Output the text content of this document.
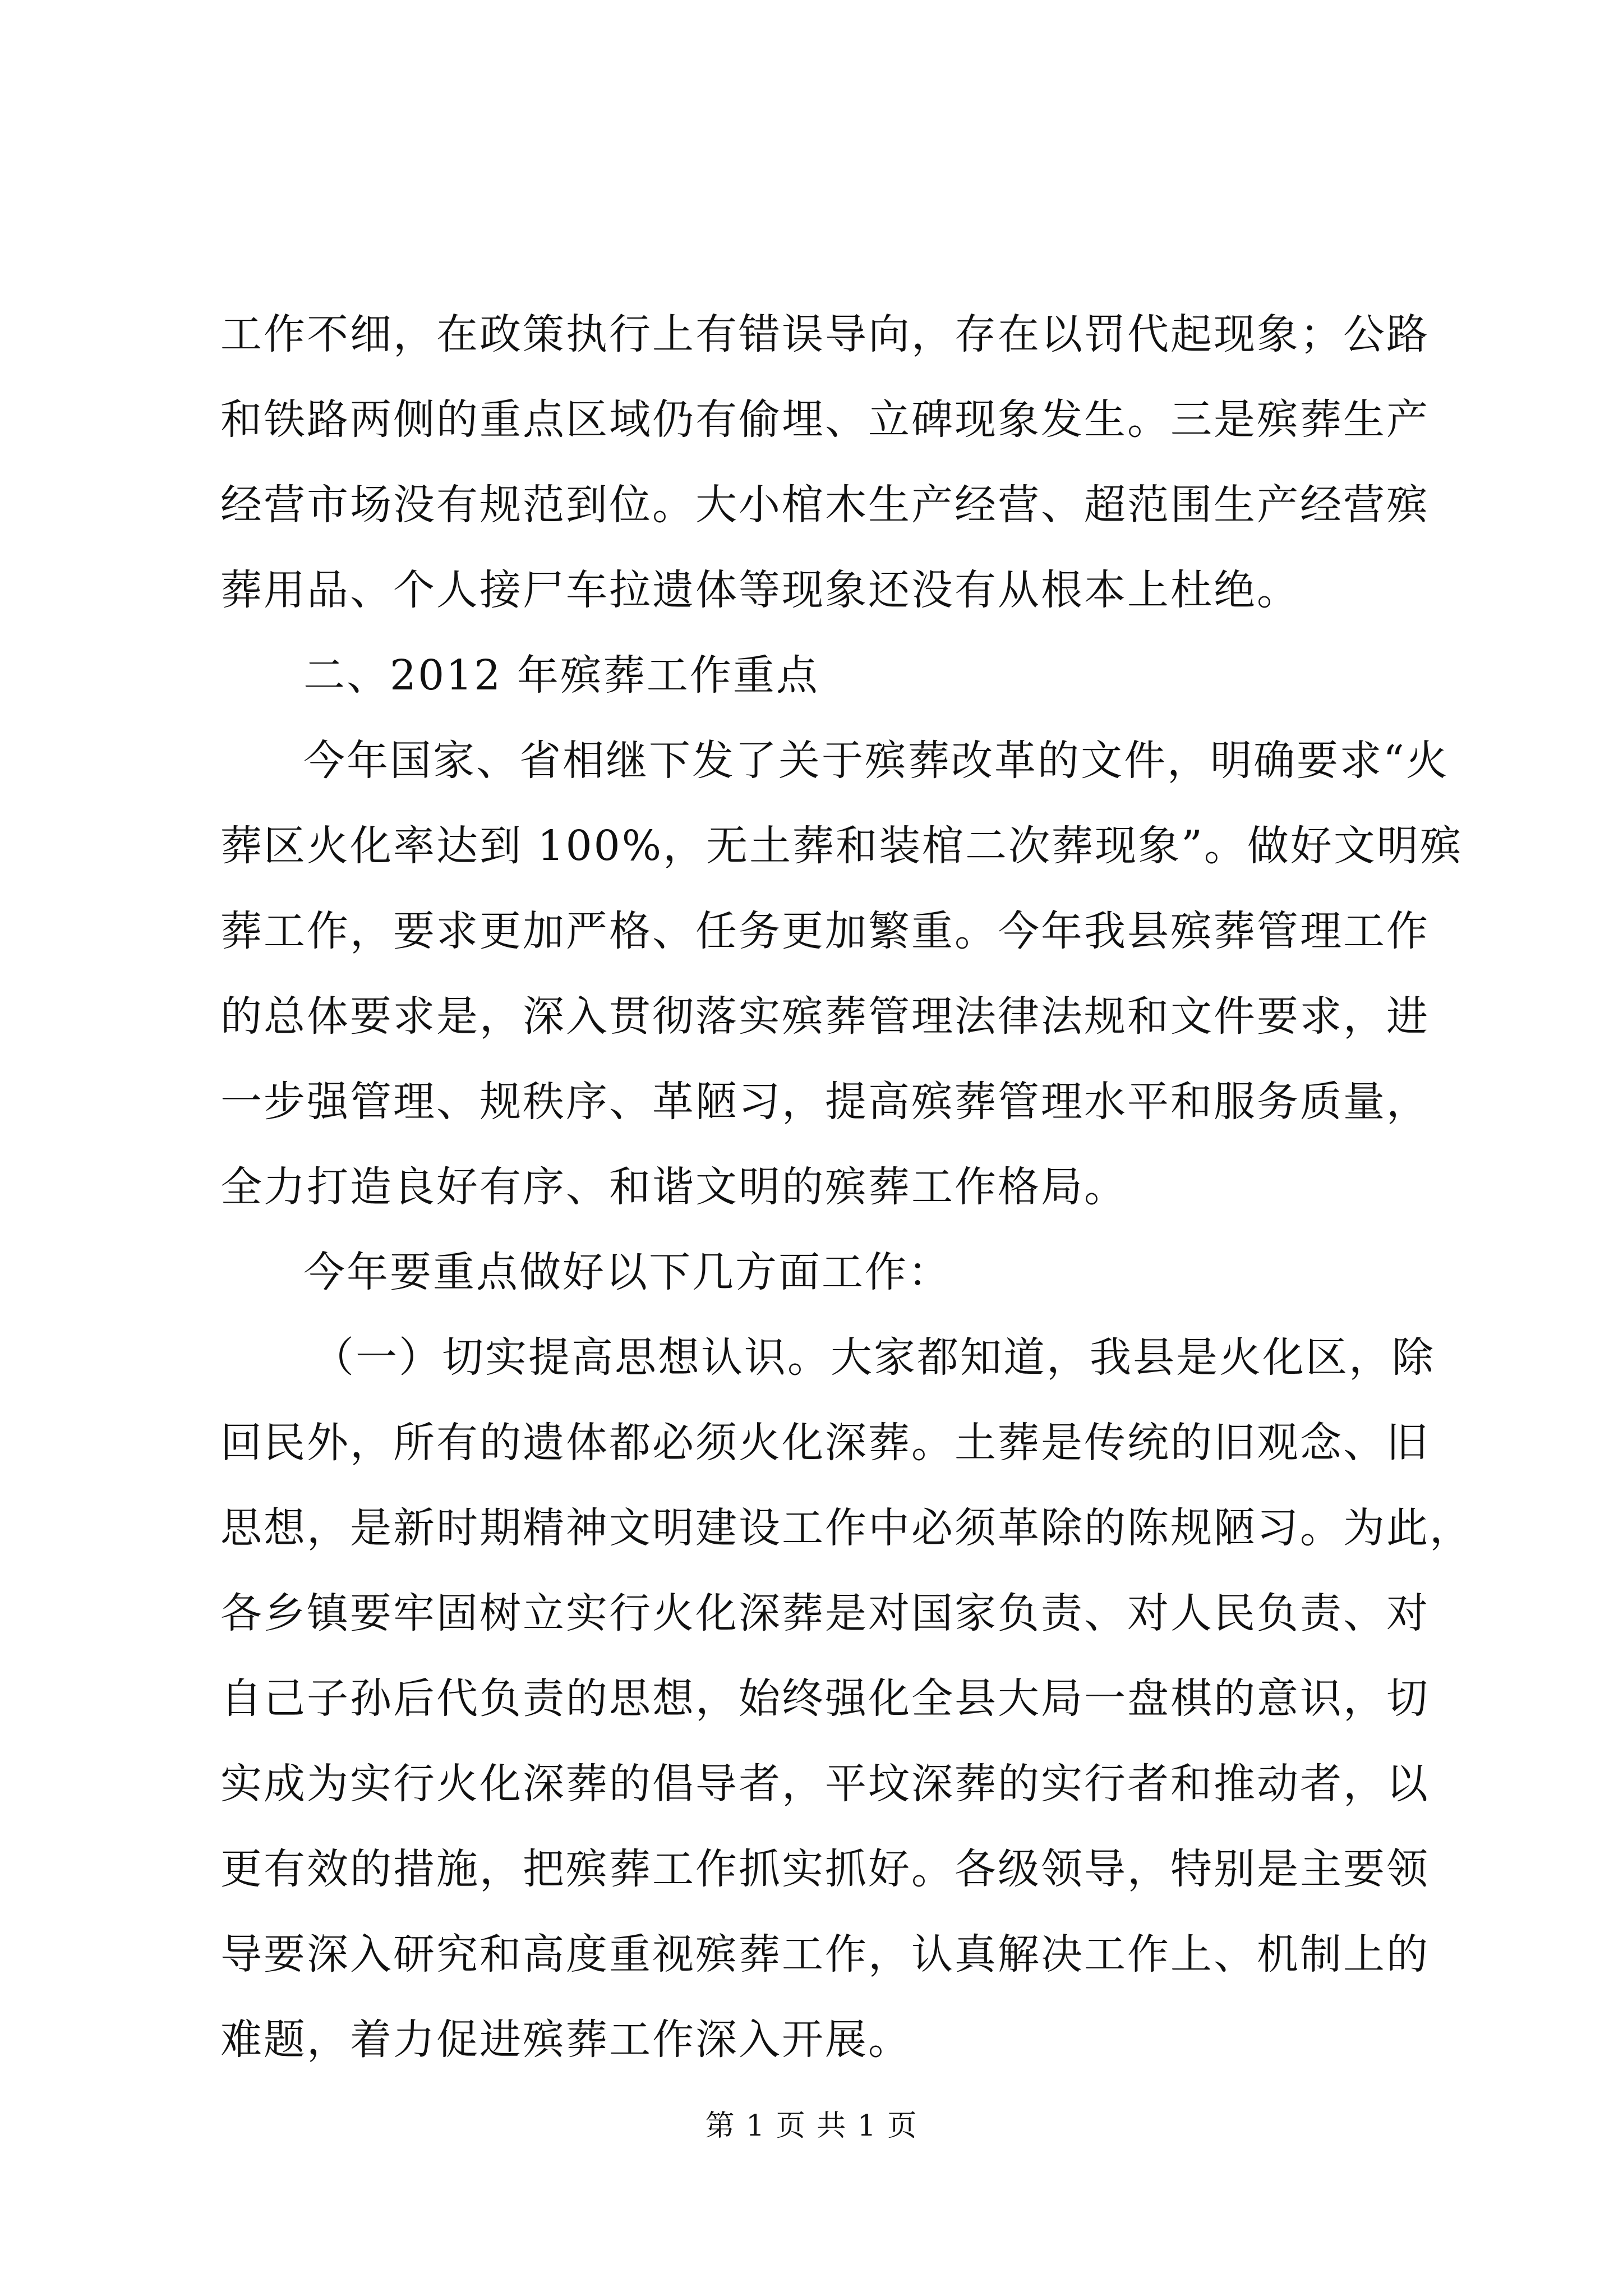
工作不细，在政策执行上有错误导向，存在以罚代起现象；公路
和铁路两侧的重点区域仍有偷埋、立碑现象发生。三是殡葬生产
经营市场没有规范到位。大小棺木生产经营、超范围生产经营殡
葬用品、个人接尸车拉遗体等现象还没有从根本上杜绝。
二、2012 年殡葬工作重点
今年国家、省相继下发了关于殡葬改革的文件，明确要求“火
葬区火化率达到 100%，无土葬和装棺二次葬现象”。做好文明殡
葬工作，要求更加严格、任务更加繁重。今年我县殡葬管理工作
的总体要求是，深入贯彻落实殡葬管理法律法规和文件要求，进
一步强管理、规秩序、革陋习，提高殡葬管理水平和服务质量，
全力打造良好有序、和谐文明的殡葬工作格局。
今年要重点做好以下几方面工作：
（一）切实提高思想认识。大家都知道，我县是火化区，除
回民外，所有的遗体都必须火化深葬。土葬是传统的旧观念、旧
思想，是新时期精神文明建设工作中必须革除的陈规陋习。为此，
各乡镇要牢固树立实行火化深葬是对国家负责、对人民负责、对
自己子孙后代负责的思想，始终强化全县大局一盘棋的意识，切
实成为实行火化深葬的倡导者，平坟深葬的实行者和推动者，以
更有效的措施，把殡葬工作抓实抓好。各级领导，特别是主要领
导要深入研究和高度重视殡葬工作，认真解决工作上、机制上的
难题，着力促进殡葬工作深入开展。
第 1 页 共 1 页
